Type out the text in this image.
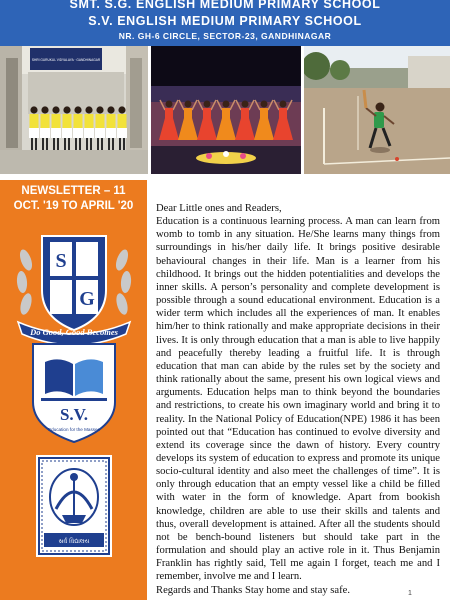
SMT. S.G. ENGLISH MEDIUM PRIMARY SCHOOL
S.V. ENGLISH MEDIUM PRIMARY SCHOOL
NR. GH-6 CIRCLE, SECTOR-23, GANDHINAGAR
SHRI GURUKUL VIDYALAYA · GANDHINAGAR
NEWSLETTER – 11
OCT. '19 TO APRIL '20
S
G
Do Good, Good Becomes
S.V.
Education for the Masses
સર્વ વિદ્યાલય

Dear Little ones and Readers,

Education is a continuous learning process. A man can learn from womb to tomb in any situation. He/She learns many things from surroundings in his/her daily life. It brings positive desirable behavioural changes in their life. Man is a learner from his childhood. It brings out the hidden potentialities and develops the inner skills. A person’s personality and complete development is possible through a sound educational environment. Education is a wider term which includes all the experiences of man. It enables him/her to think rationally and make appropriate decisions in their lives. It is only through education that a man is able to live happily and peacefully thereby leading a fruitful life. It is through education that man can abide by the rules set by the society and think rationally about the same, present his own logical views and arguments. Education helps man to think beyond the boundaries and restrictions, to create his own imaginary world and bring it to reality. In the National Policy of Education(NPE) 1986 it has been pointed out that “Education has continued to evolve diversity and extend its coverage since the dawn of history. Every country develops its system of education to express and promote its unique socio-cultural identity and also meet the challenges of time”. It is only through education that an empty vessel like a child be filled with water in the form of knowledge. Apart from bookish knowledge, children are able to use their skills and talents and thus, overall development is attained. After all the students should not be bench-bound listeners but should take part in the formulation and should play an active role in it. Thus Benjamin Franklin has rightly said, Tell me again I forget, teach me and I remember, involve me and I learn.

Regards and Thanks Stay home and stay safe.	1
